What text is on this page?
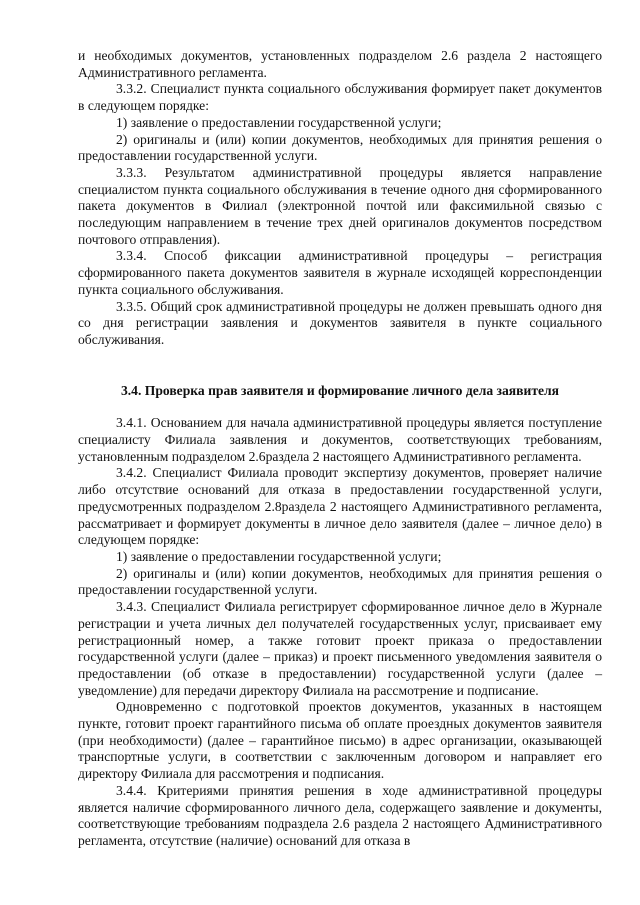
и необходимых документов, установленных подразделом 2.6 раздела 2 настоящего Административного регламента.

3.3.2. Специалист пункта социального обслуживания формирует пакет документов в следующем порядке:

1) заявление о предоставлении государственной услуги;

2) оригиналы и (или) копии документов, необходимых для принятия решения о предоставлении государственной услуги.

3.3.3. Результатом административной процедуры является направление специалистом пункта социального обслуживания в течение одного дня сформированного пакета документов в Филиал (электронной почтой или факсимильной связью с последующим направлением в течение трех дней оригиналов документов посредством почтового отправления).

3.3.4. Способ фиксации административной процедуры – регистрация сформированного пакета документов заявителя в журнале исходящей корреспонденции пункта социального обслуживания.

3.3.5. Общий срок административной процедуры не должен превышать одного дня со дня регистрации заявления и документов заявителя в пункте социального обслуживания.

3.4. Проверка прав заявителя и формирование личного дела заявителя

3.4.1. Основанием для начала административной процедуры является поступление специалисту Филиала заявления и документов, соответствующих требованиям, установленным подразделом 2.6раздела 2 настоящего Административного регламента.

3.4.2. Специалист Филиала проводит экспертизу документов, проверяет наличие либо отсутствие оснований для отказа в предоставлении государственной услуги, предусмотренных подразделом 2.8раздела 2 настоящего Административного регламента, рассматривает и формирует документы в личное дело заявителя (далее – личное дело) в следующем порядке:

1) заявление о предоставлении государственной услуги;

2) оригиналы и (или) копии документов, необходимых для принятия решения о предоставлении государственной услуги.

3.4.3. Специалист Филиала регистрирует сформированное личное дело в Журнале регистрации и учета личных дел получателей государственных услуг, присваивает ему регистрационный номер, а также готовит проект приказа о предоставлении государственной услуги (далее – приказ) и проект письменного уведомления заявителя о предоставлении (об отказе в предоставлении) государственной услуги (далее – уведомление) для передачи директору Филиала на рассмотрение и подписание.

Одновременно с подготовкой проектов документов, указанных в настоящем пункте, готовит проект гарантийного письма об оплате проездных документов заявителя (при необходимости) (далее – гарантийное письмо) в адрес организации, оказывающей транспортные услуги, в соответствии с заключенным договором и направляет его директору Филиала для рассмотрения и подписания.

3.4.4. Критериями принятия решения в ходе административной процедуры является наличие сформированного личного дела, содержащего заявление и документы, соответствующие требованиям подраздела 2.6 раздела 2 настоящего Административного регламента, отсутствие (наличие) оснований для отказа в
